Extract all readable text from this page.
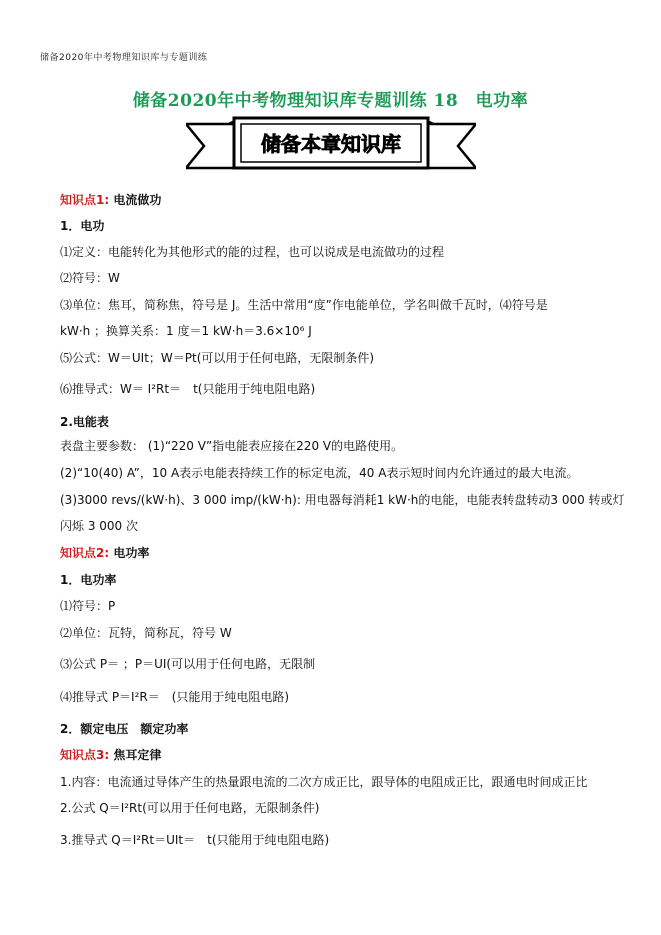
储备2020年中考物理知识库与专题训练
储备2020年中考物理知识库专题训练 18　电功率
储备本章知识库
知识点1: 电流做功
1．电功
⑴定义：电能转化为其他形式的能的过程，也可以说成是电流做功的过程
⑵符号：W
⑶单位：焦耳，简称焦，符号是 J。生活中常用“度”作电能单位，学名叫做千瓦时，⑷符号是
kW·h ；换算关系：1 度＝1 kW·h＝3.6×10⁶ J
⑸公式：W＝UIt；W＝Pt(可以用于任何电路，无限制条件)
⑹推导式：W＝ I²Rt＝　t(只能用于纯电阻电路)
2.电能表
表盘主要参数： (1)“220 V”指电能表应接在220 V的电路使用。
(2)“10(40) A”，10 A表示电能表持续工作的标定电流，40 A表示短时间内允许通过的最大电流。
(3)3000 revs/(kW·h)、3 000 imp/(kW·h): 用电器每消耗1 kW·h的电能，电能表转盘转动3 000 转或灯
闪烁 3 000 次
知识点2: 电功率
1．电功率
⑴符号：P
⑵单位：瓦特，简称瓦，符号 W
⑶公式 P＝ ；P＝UI(可以用于任何电路，无限制
⑷推导式 P＝I²R＝　(只能用于纯电阻电路)
2．额定电压　额定功率
知识点3: 焦耳定律
1.内容：电流通过导体产生的热量跟电流的二次方成正比，跟导体的电阻成正比，跟通电时间成正比
2.公式 Q＝I²Rt(可以用于任何电路，无限制条件)
3.推导式 Q＝I²Rt＝UIt＝　t(只能用于纯电阻电路)
